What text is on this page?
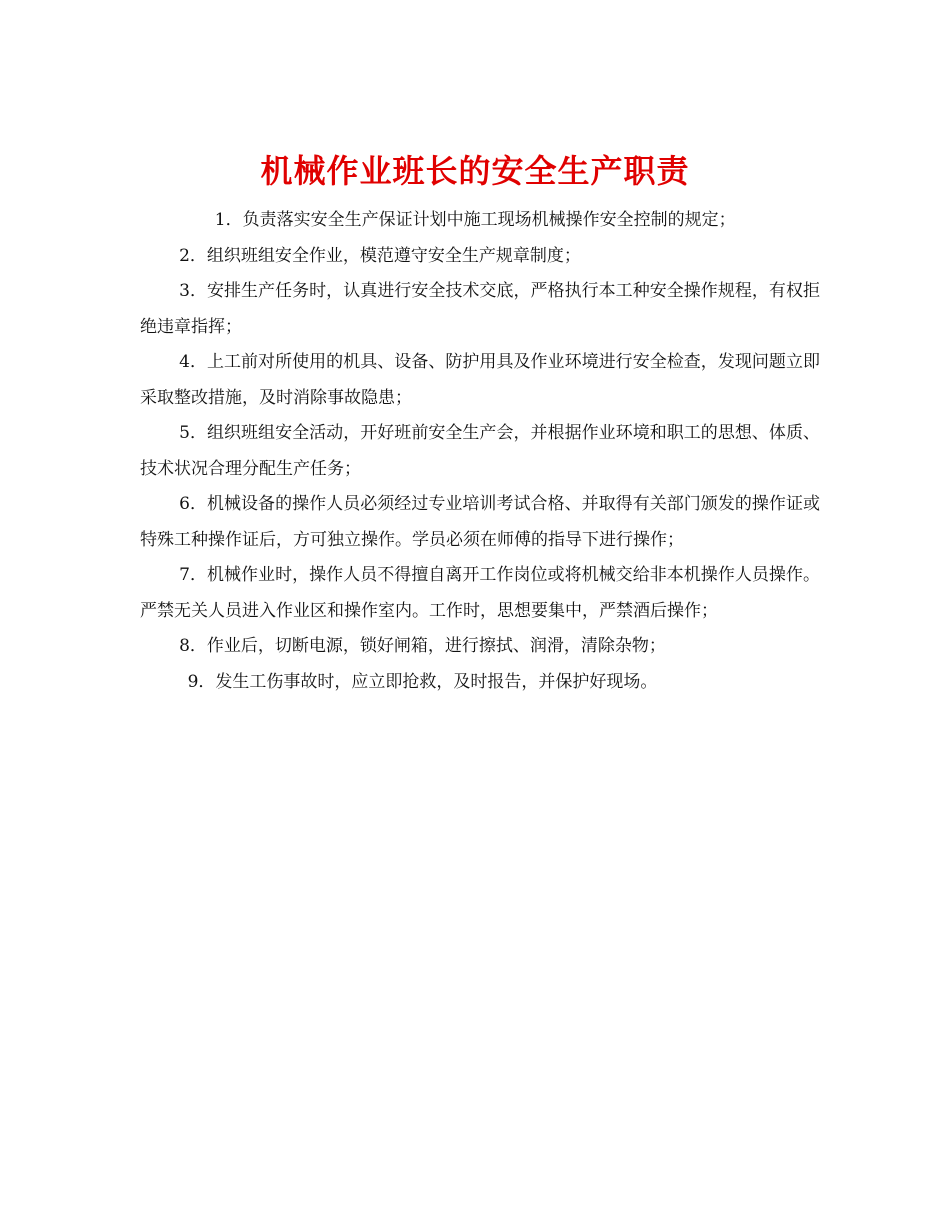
机械作业班长的安全生产职责

1．负责落实安全生产保证计划中施工现场机械操作安全控制的规定；

2．组织班组安全作业，模范遵守安全生产规章制度；

3．安排生产任务时，认真进行安全技术交底，严格执行本工种安全操作规程，有权拒绝违章指挥；

4．上工前对所使用的机具、设备、防护用具及作业环境进行安全检查，发现问题立即采取整改措施，及时消除事故隐患；

5．组织班组安全活动，开好班前安全生产会，并根据作业环境和职工的思想、体质、技术状况合理分配生产任务；

6．机械设备的操作人员必须经过专业培训考试合格、并取得有关部门颁发的操作证或特殊工种操作证后，方可独立操作。学员必须在师傅的指导下进行操作；

7．机械作业时，操作人员不得擅自离开工作岗位或将机械交给非本机操作人员操作。严禁无关人员进入作业区和操作室内。工作时，思想要集中，严禁酒后操作；

8．作业后，切断电源，锁好闸箱，进行擦拭、润滑，清除杂物；

9．发生工伤事故时，应立即抢救，及时报告，并保护好现场。
